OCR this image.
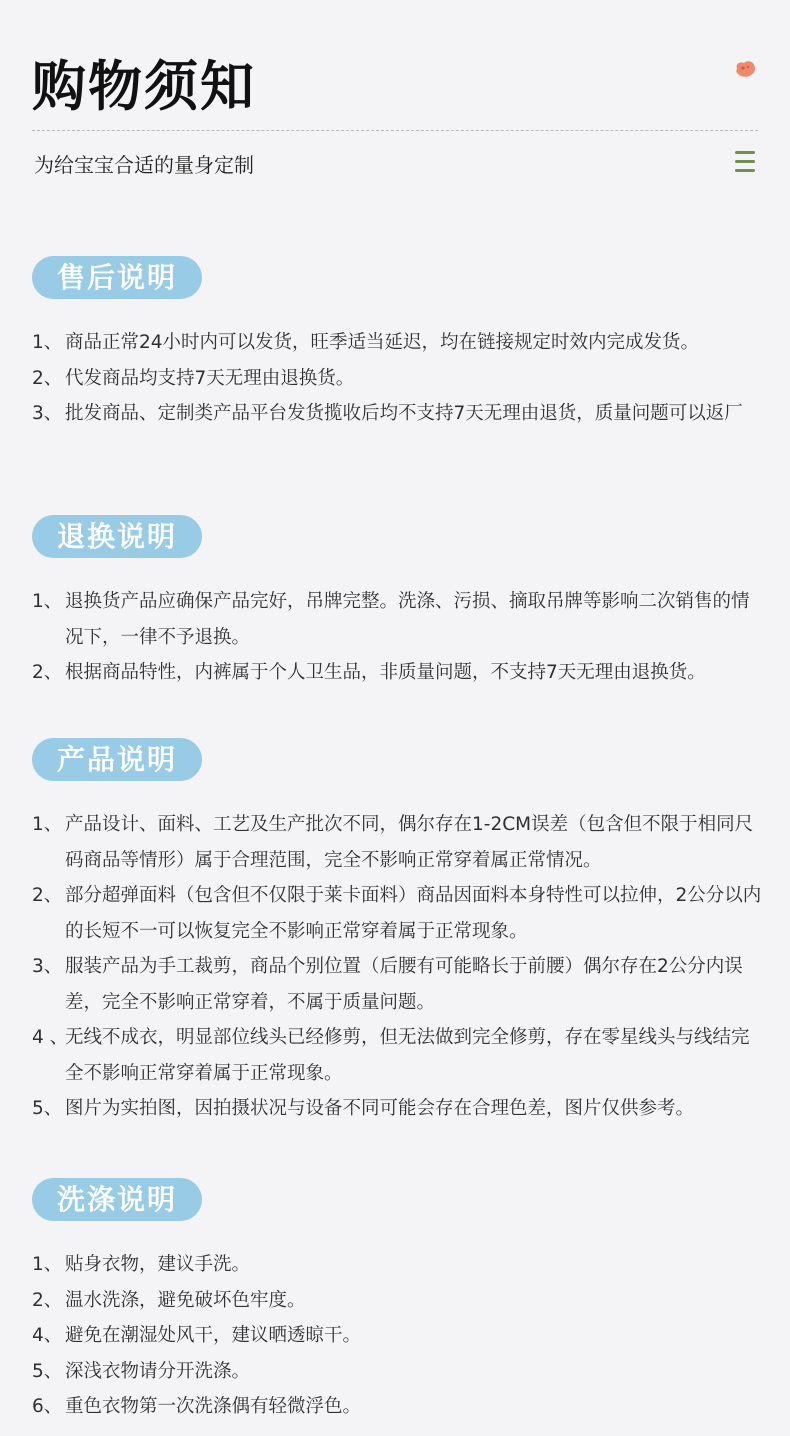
购物须知
为给宝宝合适的量身定制
售后说明
1、 商品正常24小时内可以发货，旺季适当延迟，均在链接规定时效内完成发货。
2、 代发商品均支持7天无理由退换货。
3、 批发商品、定制类产品平台发货揽收后均不支持7天无理由退货，质量问题可以返厂
退换说明
1、 退换货产品应确保产品完好，吊牌完整。洗涤、污损、摘取吊牌等影响二次销售的情况下，一律不予退换。
2、 根据商品特性，内裤属于个人卫生品，非质量问题，不支持7天无理由退换货。
产品说明
1、 产品设计、面料、工艺及生产批次不同，偶尔存在1-2CM误差（包含但不限于相同尺码商品等情形）属于合理范围，完全不影响正常穿着属正常情况。
2、 部分超弹面料（包含但不仅限于莱卡面料）商品因面料本身特性可以拉伸，2公分以内的长短不一可以恢复完全不影响正常穿着属于正常现象。
3、 服装产品为手工裁剪，商品个别位置（后腰有可能略长于前腰）偶尔存在2公分内误差，完全不影响正常穿着，不属于质量问题。
4 、
无线不成衣，明显部位线头已经修剪，但无法做到完全修剪，存在零星线头与线结完全不影响正常穿着属于正常现象。
5、 图片为实拍图，因拍摄状况与设备不同可能会存在合理色差，图片仅供参考。
洗涤说明
1、 贴身衣物，建议手洗。
2、 温水洗涤，避免破坏色牢度。
4、 避免在潮湿处风干，建议晒透晾干。
5、 深浅衣物请分开洗涤。
6、 重色衣物第一次洗涤偶有轻微浮色。
